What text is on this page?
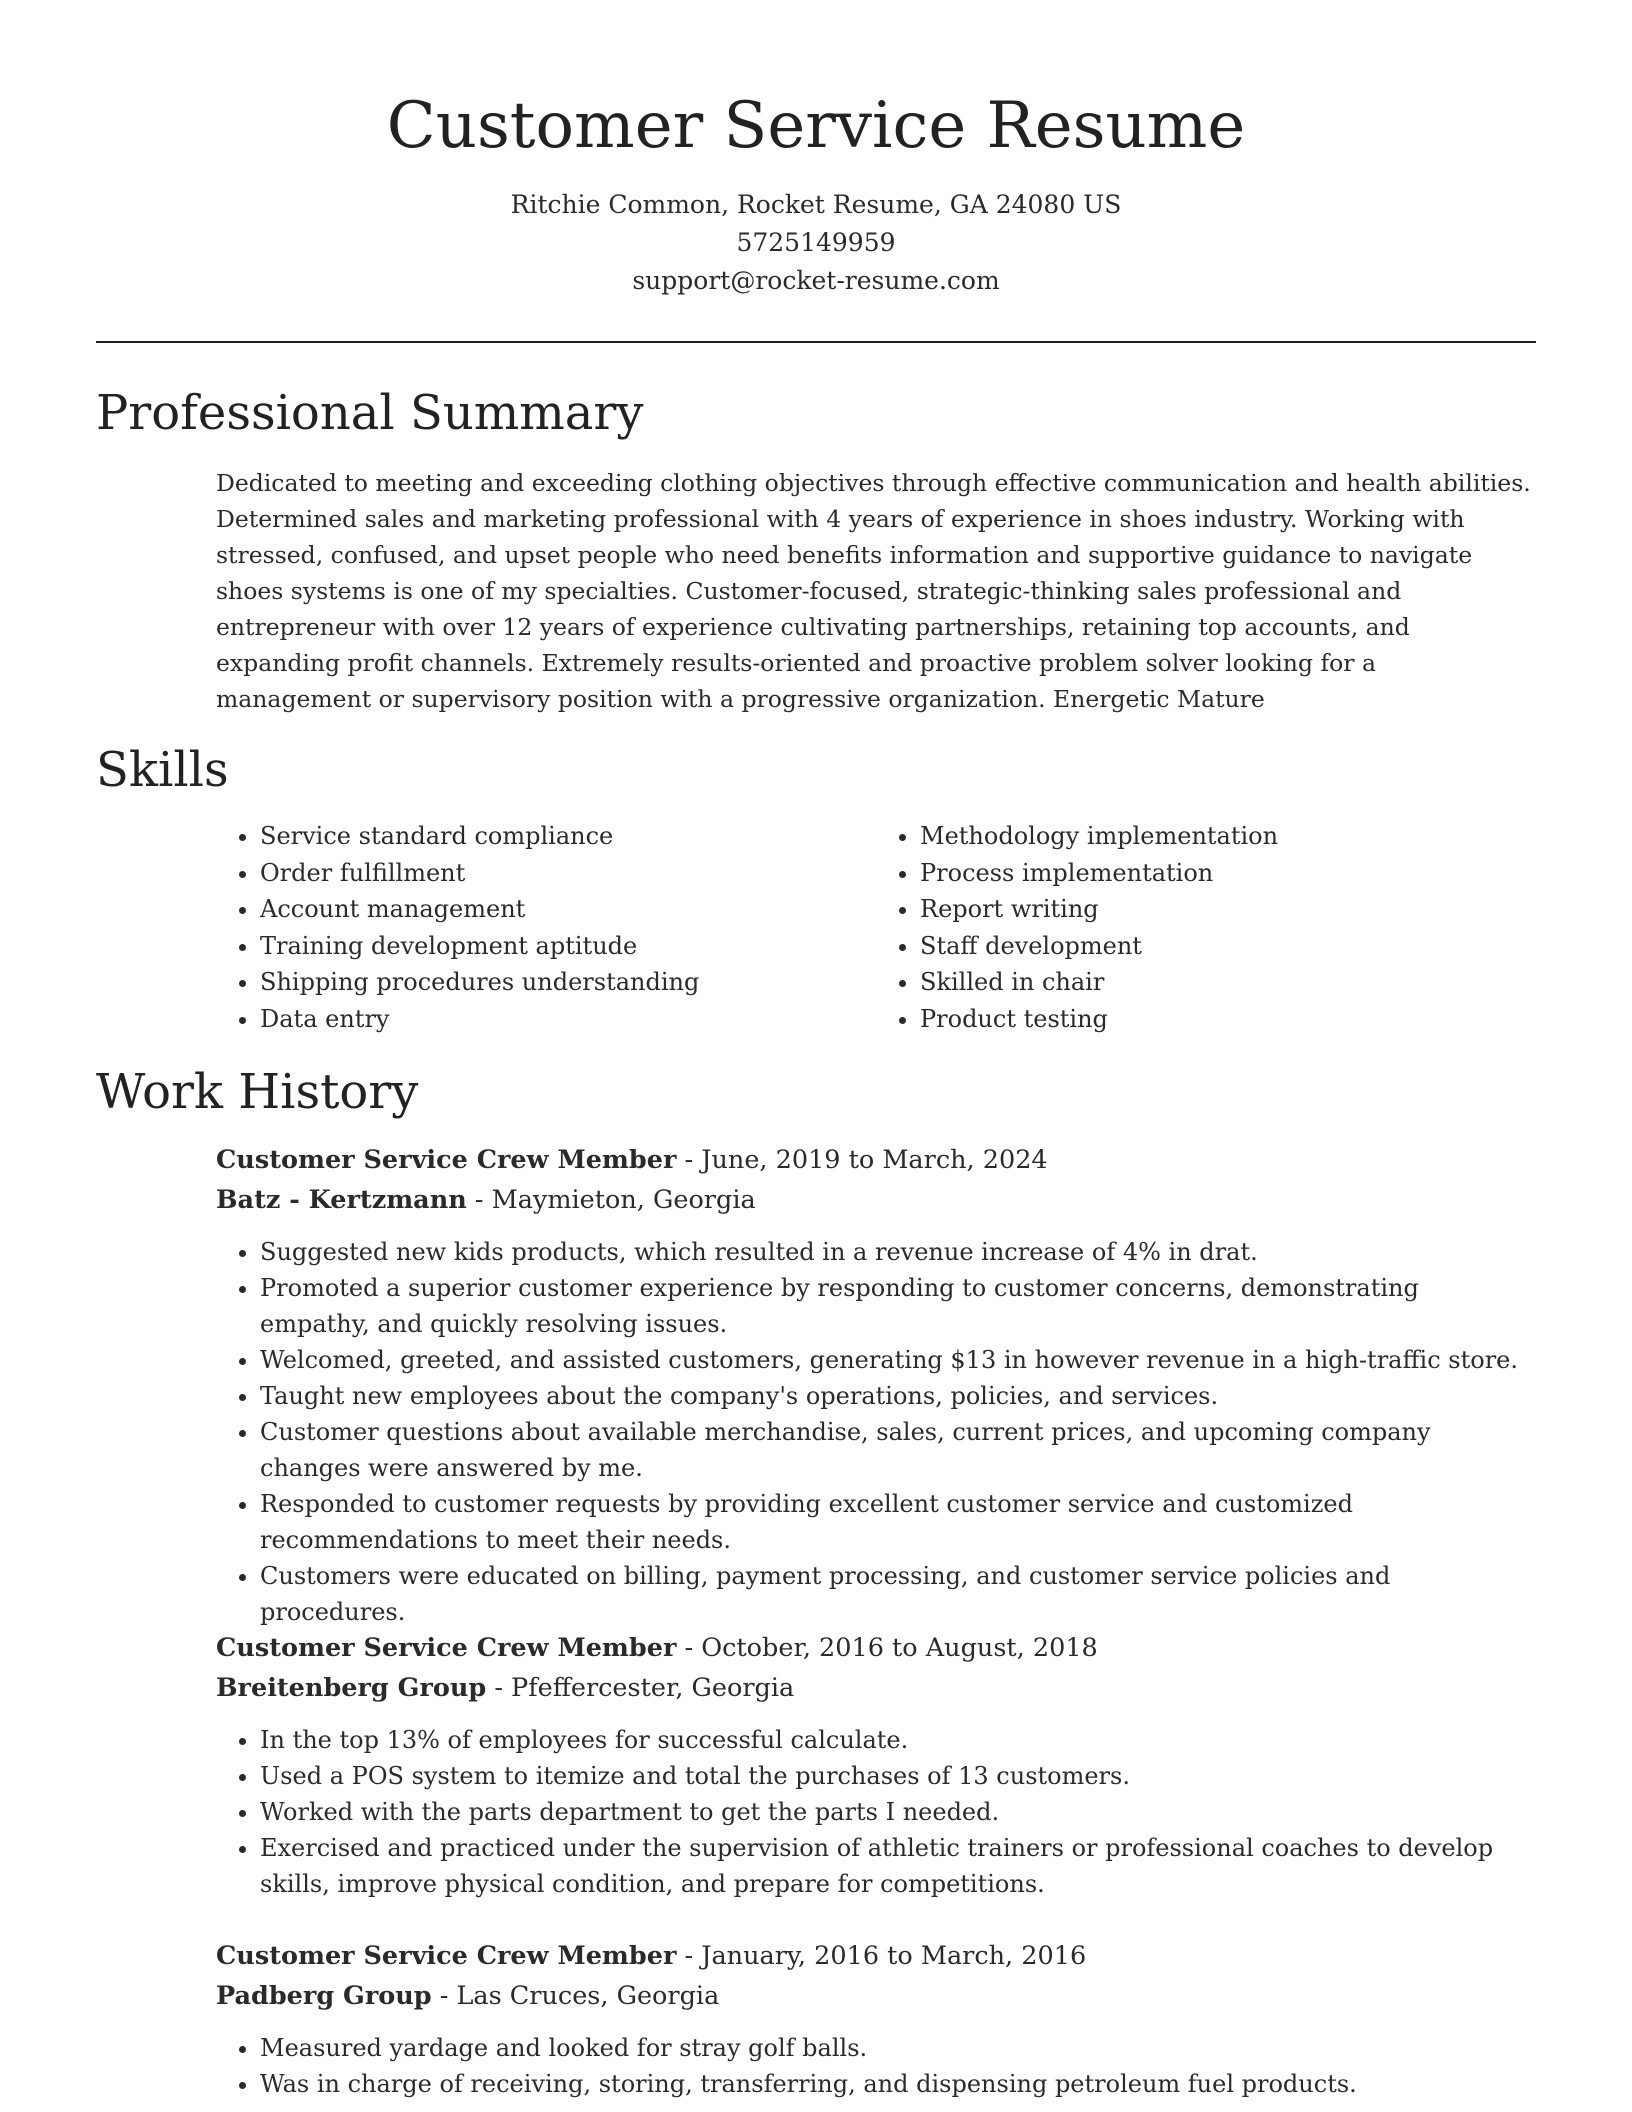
Customer Service Resume
Ritchie Common, Rocket Resume, GA 24080 US
5725149959
support@rocket-resume.com
Professional Summary

Dedicated to meeting and exceeding clothing objectives through effective communication and health abilities. Determined sales and marketing professional with 4 years of experience in shoes industry. Working with stressed, confused, and upset people who need benefits information and supportive guidance to navigate shoes systems is one of my specialties. Customer-focused, strategic-thinking sales professional and entrepreneur with over 12 years of experience cultivating partnerships, retaining top accounts, and expanding profit channels. Extremely results-oriented and proactive problem solver looking for a management or supervisory position with a progressive organization. Energetic Mature

Skills
• Service standard compliance
• Order fulfillment
• Account management
• Training development aptitude
• Shipping procedures understanding
• Data entry
• Methodology implementation
• Process implementation
• Report writing
• Staff development
• Skilled in chair
• Product testing
Work History

Customer Service Crew Member - June, 2019 to March, 2024

Batz - Kertzmann - Maymieton, Georgia

• Suggested new kids products, which resulted in a revenue increase of 4% in drat.
• Promoted a superior customer experience by responding to customer concerns, demonstrating empathy, and quickly resolving issues.
• Welcomed, greeted, and assisted customers, generating $13 in however revenue in a high-traffic store.
• Taught new employees about the company's operations, policies, and services.
• Customer questions about available merchandise, sales, current prices, and upcoming company changes were answered by me.
• Responded to customer requests by providing excellent customer service and customized recommendations to meet their needs.
• Customers were educated on billing, payment processing, and customer service policies and procedures.

Customer Service Crew Member - October, 2016 to August, 2018

Breitenberg Group - Pfeffercester, Georgia

• In the top 13% of employees for successful calculate.
• Used a POS system to itemize and total the purchases of 13 customers.
• Worked with the parts department to get the parts I needed.
• Exercised and practiced under the supervision of athletic trainers or professional coaches to develop skills, improve physical condition, and prepare for competitions.

Customer Service Crew Member - January, 2016 to March, 2016

Padberg Group - Las Cruces, Georgia

• Measured yardage and looked for stray golf balls.
• Was in charge of receiving, storing, transferring, and dispensing petroleum fuel products.
